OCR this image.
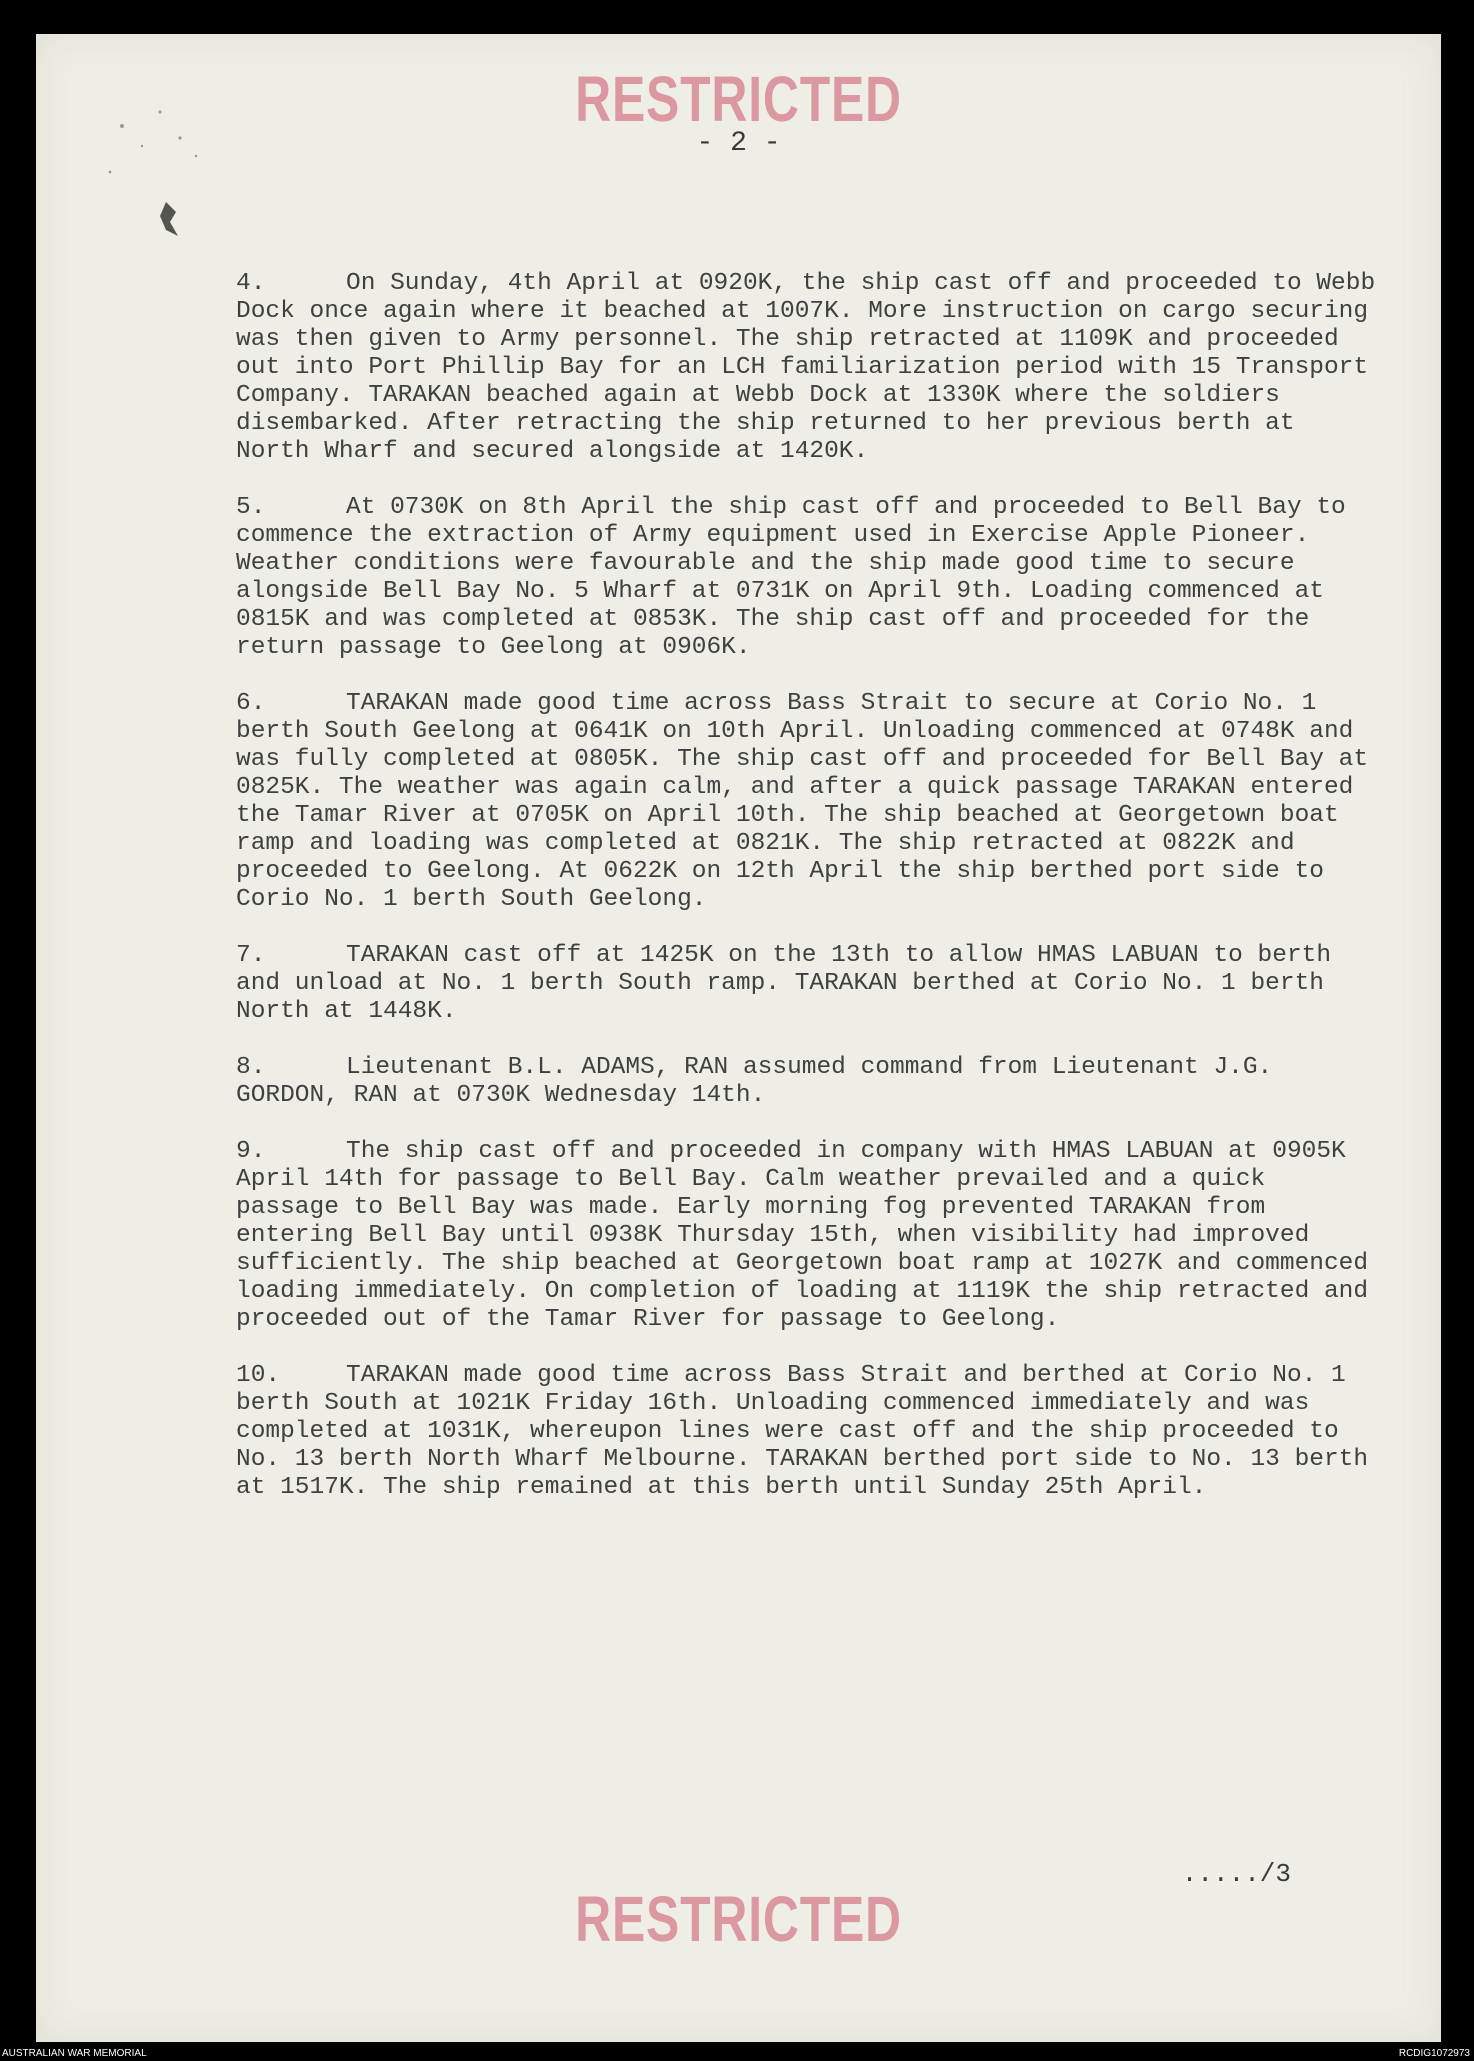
RESTRICTED
- 2 -

4.	On Sunday, 4th April at 0920K, the ship cast off and proceeded to Webb Dock once again where it beached at 1007K. More instruction on cargo securing was then given to Army personnel. The ship retracted at 1109K and proceeded out into Port Phillip Bay for an LCH familiarization period with 15 Transport Company. TARAKAN beached again at Webb Dock at 1330K where the soldiers disembarked. After retracting the ship returned to her previous berth at North Wharf and secured alongside at 1420K.

5.	At 0730K on 8th April the ship cast off and proceeded to Bell Bay to commence the extraction of Army equipment used in Exercise Apple Pioneer. Weather conditions were favourable and the ship made good time to secure alongside Bell Bay No. 5 Wharf at 0731K on April 9th. Loading commenced at 0815K and was completed at 0853K. The ship cast off and proceeded for the return passage to Geelong at 0906K.

6.	TARAKAN made good time across Bass Strait to secure at Corio No. 1 berth South Geelong at 0641K on 10th April. Unloading commenced at 0748K and was fully completed at 0805K. The ship cast off and proceeded for Bell Bay at 0825K. The weather was again calm, and after a quick passage TARAKAN entered the Tamar River at 0705K on April 10th. The ship beached at Georgetown boat ramp and loading was completed at 0821K. The ship retracted at 0822K and proceeded to Geelong. At 0622K on 12th April the ship berthed port side to Corio No. 1 berth South Geelong.

7.	TARAKAN cast off at 1425K on the 13th to allow HMAS LABUAN to berth and unload at No. 1 berth South ramp. TARAKAN berthed at Corio No. 1 berth North at 1448K.

8.	Lieutenant B.L. ADAMS, RAN assumed command from Lieutenant J.G. GORDON, RAN at 0730K Wednesday 14th.

9.	The ship cast off and proceeded in company with HMAS LABUAN at 0905K April 14th for passage to Bell Bay. Calm weather prevailed and a quick passage to Bell Bay was made. Early morning fog prevented TARAKAN from entering Bell Bay until 0938K Thursday 15th, when visibility had improved sufficiently. The ship beached at Georgetown boat ramp at 1027K and commenced loading immediately. On completion of loading at 1119K the ship retracted and proceeded out of the Tamar River for passage to Geelong.

10.	TARAKAN made good time across Bass Strait and berthed at Corio No. 1 berth South at 1021K Friday 16th. Unloading commenced immediately and was completed at 1031K, whereupon lines were cast off and the ship proceeded to No. 13 berth North Wharf Melbourne. TARAKAN berthed port side to No. 13 berth at 1517K. The ship remained at this berth until Sunday 25th April.

...../3
RESTRICTED
AUSTRALIAN WAR MEMORIAL	RCDIG1072973
